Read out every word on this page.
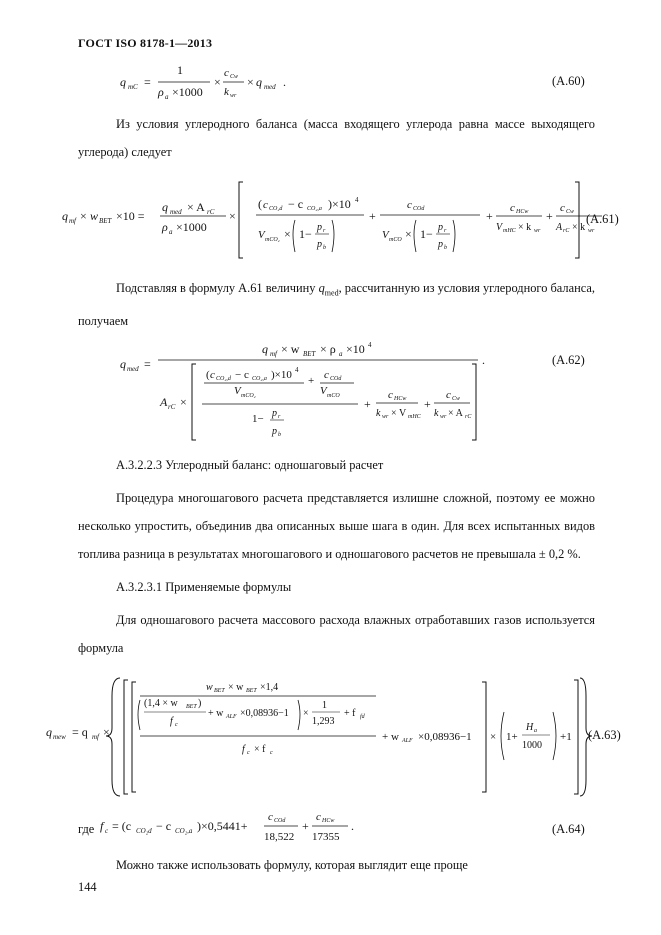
ГОСТ ISO 8178-1—2013
q mC =
1
ρ a ×1000
×
c Cw
k wr
× q med .	(A.60)
Из условия углеродного баланса (масса входящего углерода равна массе выходящего углерода) следует
q mf × w BET ×10 =
q med × A rC
ρ a ×1000
×
( c CO₂d − c CO₂,a )×10 4
V mCO₂ × 1− p r
p b
+
c COd
V mCO × 1− p r
p b
+
c HCw
V mHC × k wr
+
c Cw
A rC × k wr
(A.61)
Подставляя в формулу А.61 величину $q_{med}$, рассчитанную из условия углеродного баланса, получаем
q med =
q mf × w BET × ρ a ×10 4
.
A rC ×
( c CO₂,d − c CO₂,a )×10 4
V mCO₂
+ c COd
V mCO
1− p r
p b
+
c HCw
k wr × V mHC
+
c Cw
k wr × A rC
(A.62)
А.3.2.2.3 Углеродный баланс: одношаговый расчет
Процедура многошагового расчета представляется излишне сложной, поэтому ее можно несколько упростить, объединив два описанных выше шага в один. Для всех испытанных видов топлива разница в результатах многошагового и одношагового расчетов не превышала ± 0,2 %.
А.3.2.3.1 Применяемые формулы
Для одношагового расчета массового расхода влажных отработавших газов используется формула
q mew = q mf ×
w BET × w BET ×1,4
(1,4 × w BET )
f c
+ w ALF ×0,08936−1 ×
1
1,293
+ f fd
f c × f c
+ w ALF ×0,08936−1 × 1+
H a
1000
+1 (A.63)
где f c = (c CO₂d − c CO₂,a )×0,5441+
c COd
18,522
+
c HCw
17355
.	(A.64)
Можно также использовать формулу, которая выглядит еще проще
144
